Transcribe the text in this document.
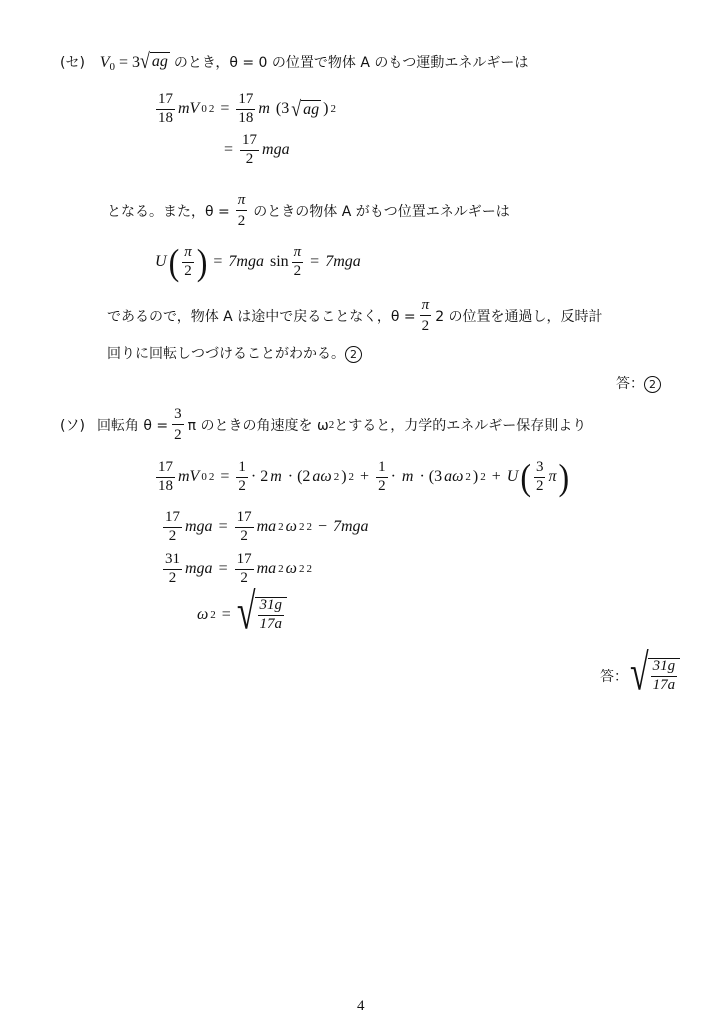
(セ) $V_0 = 3$ √ ag のとき，θ = 0 の位置で物体 A のもつ運動エネルギーは
$\frac{17}{18}$ mV 0 $2 = \frac{17}{18}$ m (3 √ ag ) 2
= $\frac{17}{2}$ mga
となる。また，$\theta = \frac{\pi}{2}$ のときの物体 A がもつ位置エネルギーは
U ( $\frac{\pi}{2}$ ) = 7mga $\sin \frac{\pi}{2} = 7mga$
であるので，物体 A は途中で戻ることなく，$\theta = \frac{\pi}{2} 2$ の位置を通過し，反時計
回りに回転しつづけることがわかる。 2
答： 2
(ソ) 回転角 $\theta = \frac{3}{2}$ π のときの角速度を ω 2 とすると，力学的エネルギー保存則より
$\frac{17}{18}$ mV 0 $2 = \frac{1}{2} \cdot 2$ m · (2 aω 2 ) $2 + \frac{1}{2} \cdot m \cdot (3$ aω 2 ) 2 + U ( $\frac{3}{2}$ π )
$\frac{17}{2}$ mga = $\frac{17}{2}$ ma 2 ω 2 2 − 7mga
$\frac{31}{2}$ mga = $\frac{17}{2}$ ma 2 ω 2 2
ω 2 = √ $\frac{31g}{17a}$
答： √ $\frac{31g}{17a}$
4
